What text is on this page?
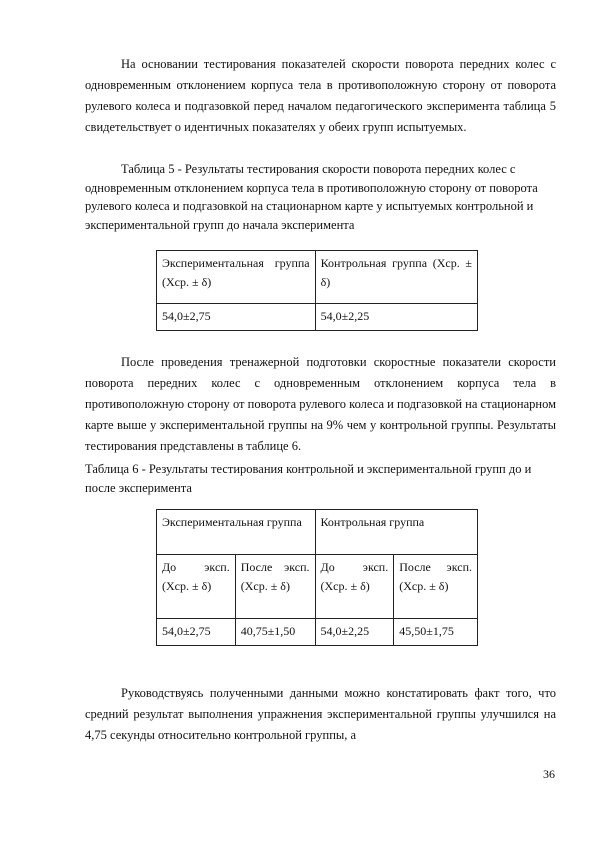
На основании тестирования показателей скорости поворота передних колес с одновременным отклонением корпуса тела в противоположную сторону от поворота рулевого колеса и подгазовкой перед началом педагогического эксперимента таблица 5 свидетельствует о идентичных показателях у обеих групп испытуемых.

Таблица 5 - Результаты тестирования скорости поворота передних колес с одновременным отклонением корпуса тела в противоположную сторону от поворота рулевого колеса и подгазовкой на стационарном карте у испытуемых контрольной и экспериментальной групп до начала эксперимента

Экспериментальная группа (Хср. ± δ)	Контрольная группа (Хср. ± δ)
54,0±2,75	54,0±2,25

После проведения тренажерной подготовки скоростные показатели скорости поворота передних колес с одновременным отклонением корпуса тела в противоположную сторону от поворота рулевого колеса и подгазовкой на стационарном карте выше у экспериментальной группы на 9% чем у контрольной группы. Результаты тестирования представлены в таблице 6.

Таблица 6 - Результаты тестирования контрольной и экспериментальной групп до и после эксперимента

Экспериментальная группа		Контрольная группа	
До эксп. (Хср. ± δ)	После эксп. (Хср. ± δ)	До эксп. (Хср. ± δ)	После эксп. (Хср. ± δ)
54,0±2,75	40,75±1,50	54,0±2,25	45,50±1,75

Руководствуясь полученными данными можно констатировать факт того, что средний результат выполнения упражнения экспериментальной группы улучшился на 4,75 секунды относительно контрольной группы, а

36
